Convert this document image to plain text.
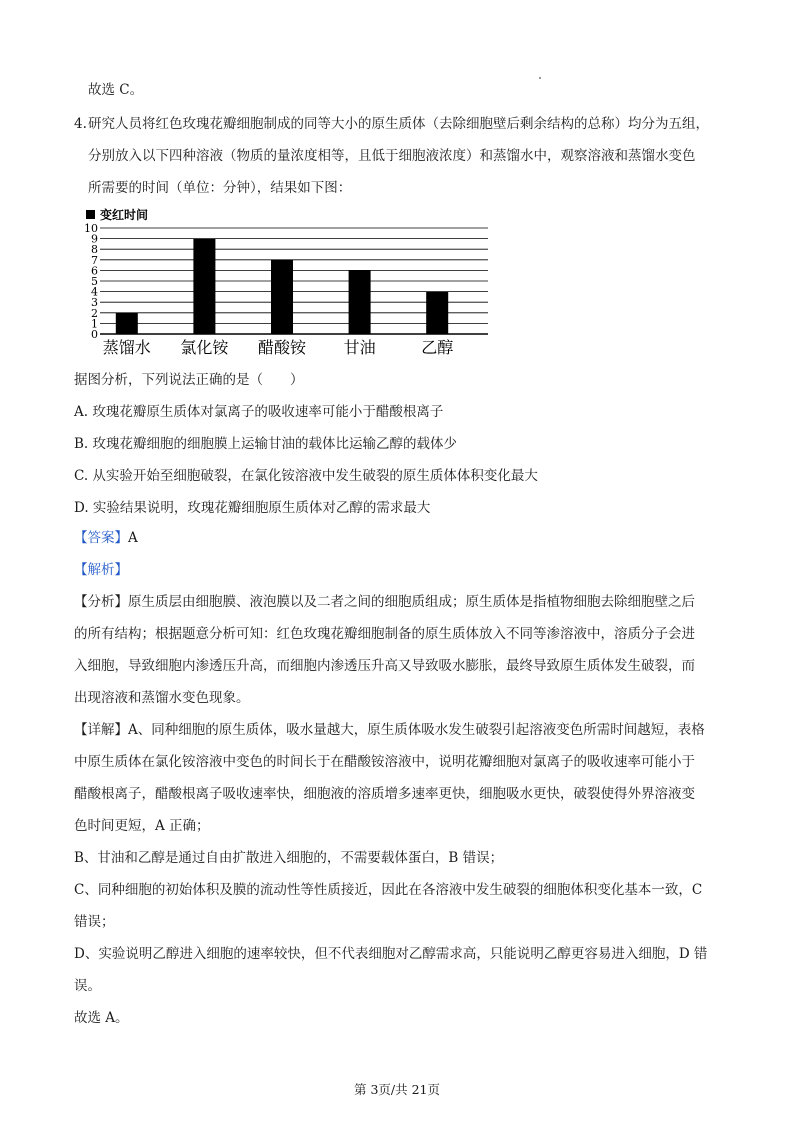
故选 C。
4. 研究人员将红色玫瑰花瓣细胞制成的同等大小的原生质体（去除细胞壁后剩余结构的总称）均分为五组，
分别放入以下四种溶液（物质的量浓度相等，且低于细胞液浓度）和蒸馏水中，观察溶液和蒸馏水变色
所需要的时间（单位：分钟），结果如下图：
变红时间
0
1
2
3
4
5
6
7
8
9
10
蒸馏水 氯化铵 醋酸铵 甘油	乙醇
据图分析，下列说法正确的是（　　）
A. 玫瑰花瓣原生质体对氯离子的吸收速率可能小于醋酸根离子
B. 玫瑰花瓣细胞的细胞膜上运输甘油的载体比运输乙醇的载体少
C. 从实验开始至细胞破裂，在氯化铵溶液中发生破裂的原生质体体积变化最大
D. 实验结果说明，玫瑰花瓣细胞原生质体对乙醇的需求最大
【答案】A
【解析】
【分析】原生质层由细胞膜、液泡膜以及二者之间的细胞质组成；原生质体是指植物细胞去除细胞壁之后
的所有结构；根据题意分析可知：红色玫瑰花瓣细胞制备的原生质体放入不同等渗溶液中，溶质分子会进
入细胞，导致细胞内渗透压升高，而细胞内渗透压升高又导致吸水膨胀，最终导致原生质体发生破裂，而
出现溶液和蒸馏水变色现象。
【详解】A、同种细胞的原生质体，吸水量越大，原生质体吸水发生破裂引起溶液变色所需时间越短，表格
中原生质体在氯化铵溶液中变色的时间长于在醋酸铵溶液中，说明花瓣细胞对氯离子的吸收速率可能小于
醋酸根离子，醋酸根离子吸收速率快，细胞液的溶质增多速率更快，细胞吸水更快，破裂使得外界溶液变
色时间更短，A 正确；
B、甘油和乙醇是通过自由扩散进入细胞的，不需要载体蛋白，B 错误；
C、同种细胞的初始体积及膜的流动性等性质接近，因此在各溶液中发生破裂的细胞体积变化基本一致，C
错误；
D、实验说明乙醇进入细胞的速率较快，但不代表细胞对乙醇需求高，只能说明乙醇更容易进入细胞，D 错
误。
故选 A。
第 3页/共 21页
